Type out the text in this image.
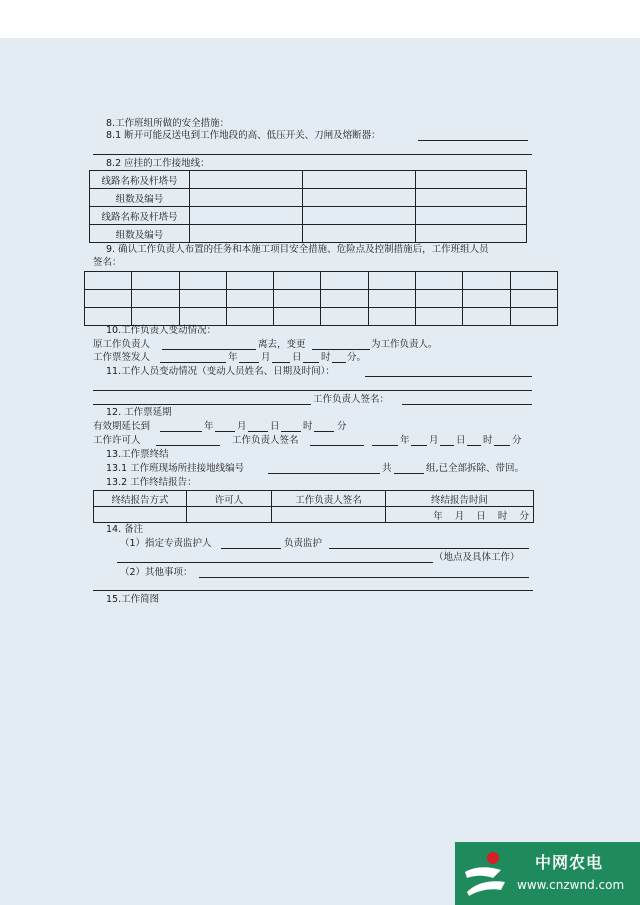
8.工作班组所做的安全措施：
8.1 断开可能反送电到工作地段的高、低压开关、刀闸及熔断器：
8.2 应挂的工作接地线：
线路名称及杆塔号			
组数及编号			
线路名称及杆塔号			
组数及编号			
9. 确认工作负责人布置的任务和本施工项目安全措施、危险点及控制措施后，工作班组人员
签名：

10.工作负责人变动情况：
原工作负责人	离去，变更	为工作负责人。
工作票签发人	年 月 日 时 分。
11.工作人员变动情况（变动人员姓名、日期及时间）：
工作负责人签名：
12. 工作票延期
有效期延长到	年 月 日 时	分
工作许可人	工作负责人签名	年 月 日 时 分
13.工作票终结
13.1 工作班现场所挂接地线编号	共	组,已全部拆除、带回。
13.2 工作终结报告：
终结报告方式	许可人	工作负责人签名	终结报告时间
			年    月    日    时    分
14. 备注
（1）指定专责监护人	负责监护
（地点及具体工作）
（2）其他事项：
15.工作简图
中网农电
www.cnzwnd.com
